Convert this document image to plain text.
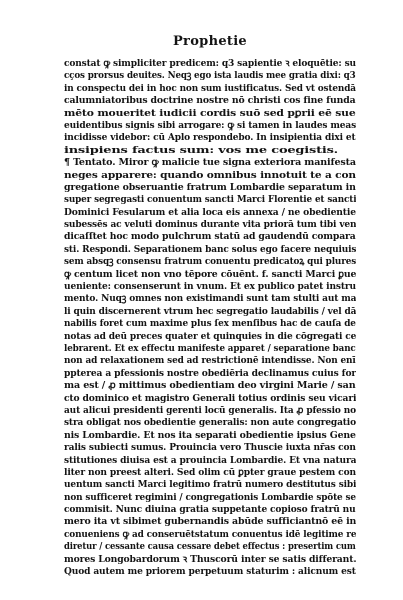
Prophetie
constat ꝙ simpliciter predicem: q3 sapientie ꝛ eloquētie: su
cços prorsus deuites. Neqꝫ ego ista laudis mee gratia dixi: q3
in conspectu dei in hoc non sum iustificatus. Sed vt ostendā
calumniatoribus doctrine nostre nō christi cos fine funda
mēto moueritet iudicii cordis suō sed pꝑrii eē sue
euidentibus signis sibi arrogare: ꝙ si tamen in laudes meas
incidisse videbor: cū Aplo respondebo. In insipientia dixi et
insipiens factus sum: vos me coegistis.
¶ Tentato. Miror ꝙ malicie tue signa exteriora manifesta
neges apparere: quando omnibus innotuit te a con
gregatione obseruantie fratrum Lombardie separatum in
super segregasti conuentum sancti Marci Florentie et sancti
Dominici Fesularum et alia loca eis annexa / ne obedientie
subessēs ac veluti dominus durante vita priorā tum tibi ven
dicaſſtet hoc modo pulchrum statū ad gaudendū compara
sti. Respondi. Separationem banc solus ego facere nequiuis
sem absqꝫ consensu fratrum conuentu predicatoꝝ qui plures
ꝙ centum licet non vno tēpore cōuēnt. f. sancti Marci ꝑue
ueniente: consenserunt in vnum. Et ex publico patet instru
mento. Nuqꝫ omnes non existimandi sunt tam stulti aut ma
li quin discernerent vtrum hec segregatio laudabilis / vel dā
nabilis foret cum maxime plus ſex menſibus hac de cauſa de
notas ad deū preces quater et quinquies in die cōgregati ce
lebrarent. Et ex effectu manifeste apparet / separatione banc
non ad relaxationem sed ad restrictionē intendisse. Non enī
ppterea a pfessionis nostre obediēria declinamus cuius for
ma est / ꝓ mittimus obedientiam deo virgini Marie / san
cto dominico et magistro Generali totius ordinis seu vicari
aut alicui presidenti gerenti locū generalis. Ita ꝓ pfessio no
stra obligat nos obedientie generalis: non aute congregatio
nis Lombardie. Et nos ita separati obedientie ipsius Gene
ralis subiecti sumus. Prouincia vero Thuscie iuxta nr̄as con
stitutiones diuisa est a prouincia Lombardie. Et vna natura
liter non preest alteri. Sed olim cū ꝑpter graue pestem con
uentum sancti Marci legitimo fratrū numero destitutus sibi
non sufficeret regimini / congregationis Lombardie spōte se
commisit. Nunc diuina gratia suppetante copioso fratrū nu
mero ita vt sibimet gubernandis abūde sufficiantnō eē in
conueniens ꝙ ad conseruētstatum conuentus idē legitime re
diretur / cessante causa cessare debet effectus : presertim cum
mores Longobardorum ꝛ Thuscorū inter se satis differant.
Quod autem me priorem perpetuum staturim : alicnum est
